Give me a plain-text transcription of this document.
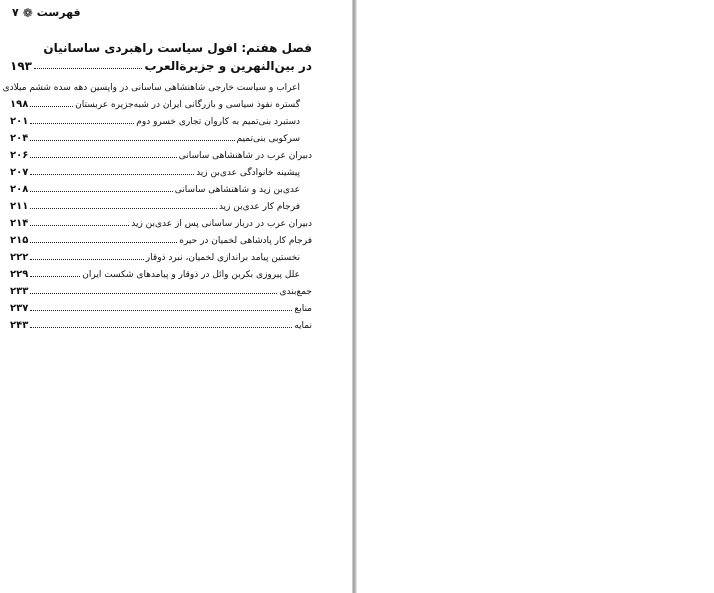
فهرست
❁
۷
فصل هفتم: افول سیاست راهبردی ساسانیان
در بین‌النهرین و جزیرةالعرب
۱۹۳
اعراب و سیاست خارجی شاهنشاهی ساسانی در واپسین دهه سده ششم میلادی
گستره نفوذ سیاسی و بازرگانی ایران در شبه‌جزیره عربستان
۱۹۸
دستبرد بنی‌تمیم به کاروان تجاری خسرو دوم
۲۰۱
سرکوبی بنی‌تمیم
۲۰۴
دبیران عرب در شاهنشاهی ساسانی
۲۰۶
پیشینه خانوادگی عدی‌بن زید
۲۰۷
عدی‌بن زید و شاهنشاهی ساسانی
۲۰۸
فرجام کار عدی‌بن زید
۲۱۱
دبیران عرب در دربار ساسانی پس از عدی‌بن زید
۲۱۴
فرجام کار پادشاهی لخمیان در حیره
۲۱۵
نخستین پیامد براندازی لخمیان، نبرد ذوقار
۲۲۲
علل پیروزی بکربن وائل در ذوقار و پیامدهای شکست ایران
۲۲۹
جمع‌بندی
۲۳۳
منابع
۲۳۷
نمایه
۲۴۳
